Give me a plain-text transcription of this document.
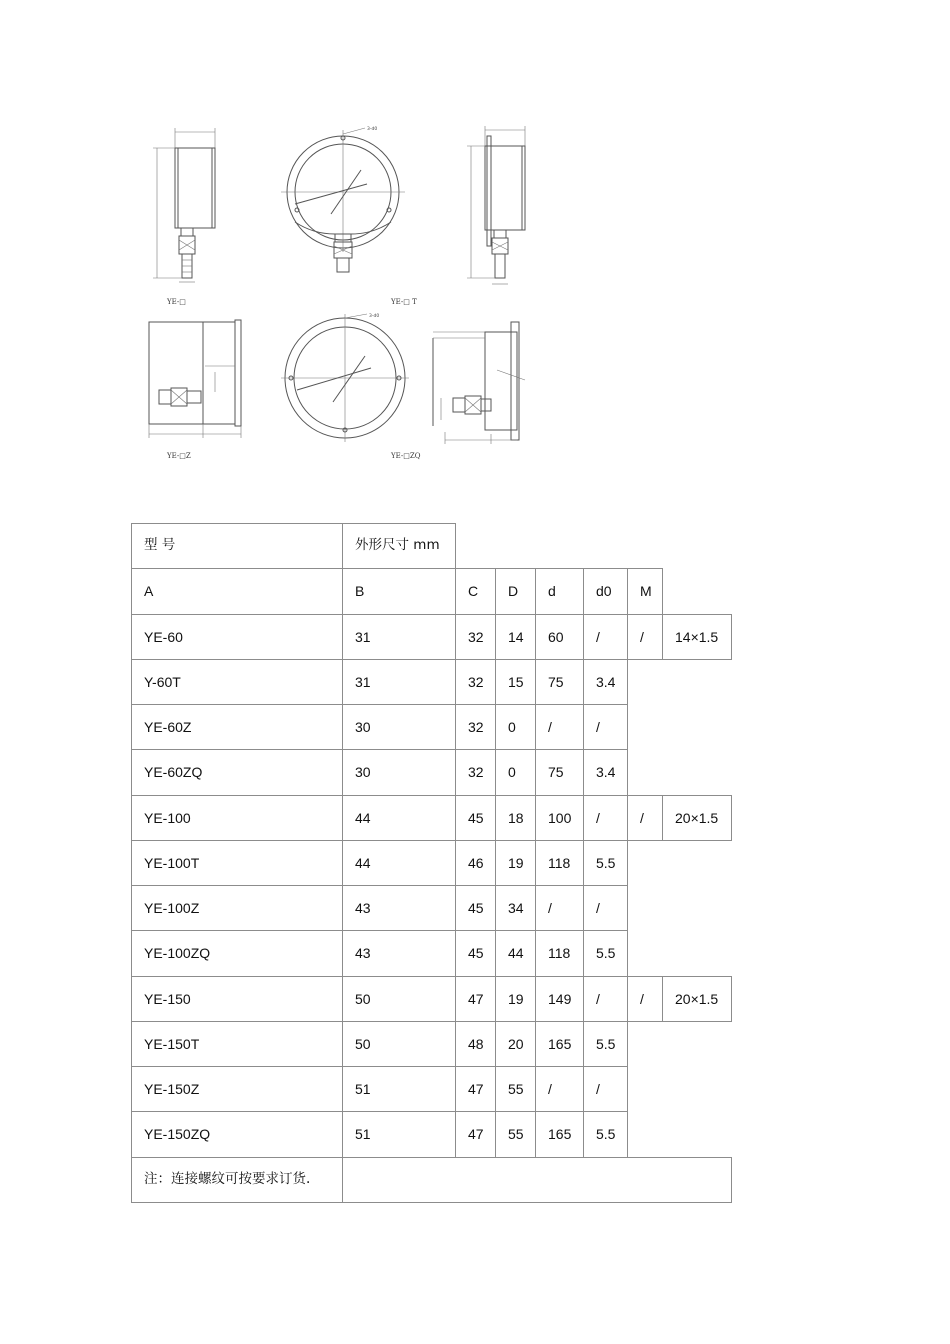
YE-□
3-d0
YE-□ T
YE-□Z
3-d0
YE-□ZQ
型 号	外形尺寸 mm
A	B	C	D	d	d0	M
YE-60	31	32	14	60	/	/	14×1.5
Y-60T	31	32	15	75	3.4
YE-60Z	30	32	0	/	/
YE-60ZQ	30	32	0	75	3.4
YE-100	44	45	18	100	/	/	20×1.5
YE-100T	44	46	19	118	5.5
YE-100Z	43	45	34	/	/
YE-100ZQ	43	45	44	118	5.5
YE-150	50	47	19	149	/	/	20×1.5
YE-150T	50	48	20	165	5.5
YE-150Z	51	47	55	/	/
YE-150ZQ	51	47	55	165	5.5
注：连接螺纹可按要求订货.
